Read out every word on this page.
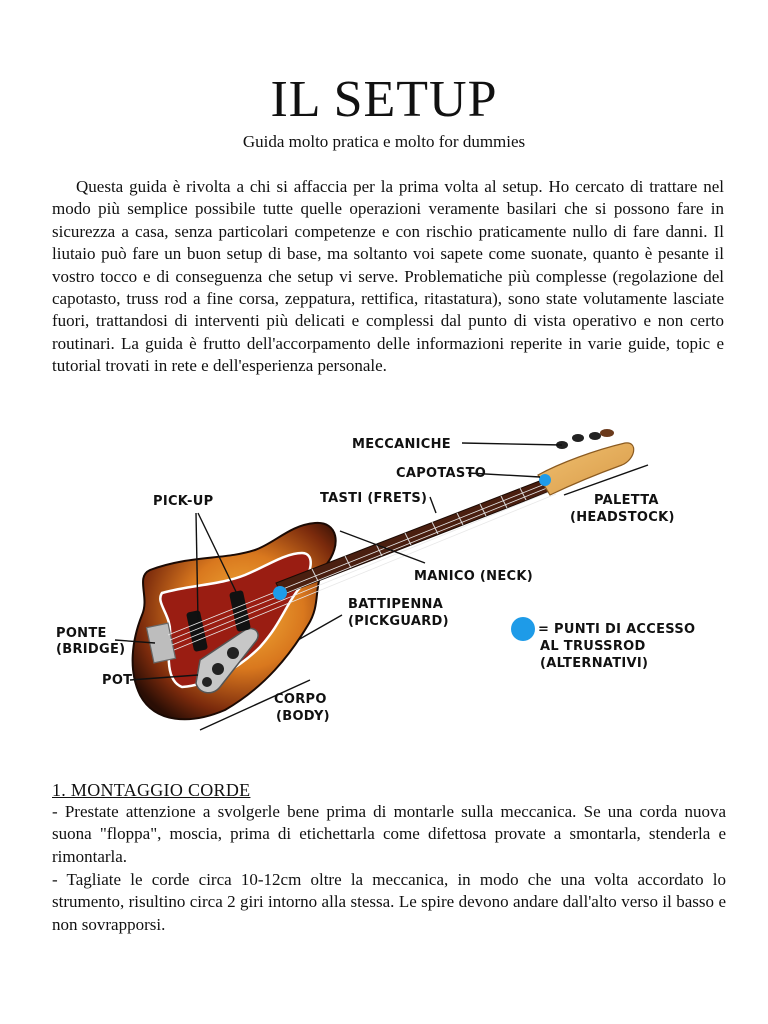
IL SETUP
Guida molto pratica e molto for dummies

Questa guida è rivolta a chi si affaccia per la prima volta al setup. Ho cercato di trattare nel modo più semplice possibile tutte quelle operazioni veramente basilari che si possono fare in sicurezza a casa, senza particolari competenze e con rischio praticamente nullo di fare danni. Il liutaio può fare un buon setup di base, ma soltanto voi sapete come suonate, quanto è pesante il vostro tocco e di conseguenza che setup vi serve. Problematiche più complesse (regolazione del capotasto, truss rod a fine corsa, zeppatura, rettifica, ritastatura), sono state volutamente lasciate fuori, trattandosi di interventi più delicati e complessi dal punto di vista operativo e non certo routinari. La guida è frutto dell'accorpamento delle informazioni reperite in varie guide, topic e tutorial trovati in rete e dell'esperienza personale.

MECCANICHE
CAPOTASTO
TASTI (FRETS)	PALETTA
(HEADSTOCK)
PICK-UP
MANICO (NECK)
BATTIPENNA
(PICKGUARD)
PONTE
(BRIDGE)
POT
CORPO
(BODY)
= PUNTI DI ACCESSO
AL TRUSSROD
(ALTERNATIVI)
1. MONTAGGIO CORDE

- Prestate attenzione a svolgerle bene prima di montarle sulla meccanica. Se una corda nuova suona "floppa", moscia, prima di etichettarla come difettosa provate a smontarla, stenderla e rimontarla.

- Tagliate le corde circa 10-12cm oltre la meccanica, in modo che una volta accordato lo strumento, risultino circa 2 giri intorno alla stessa. Le spire devono andare dall'alto verso il basso e non sovrapporsi.
